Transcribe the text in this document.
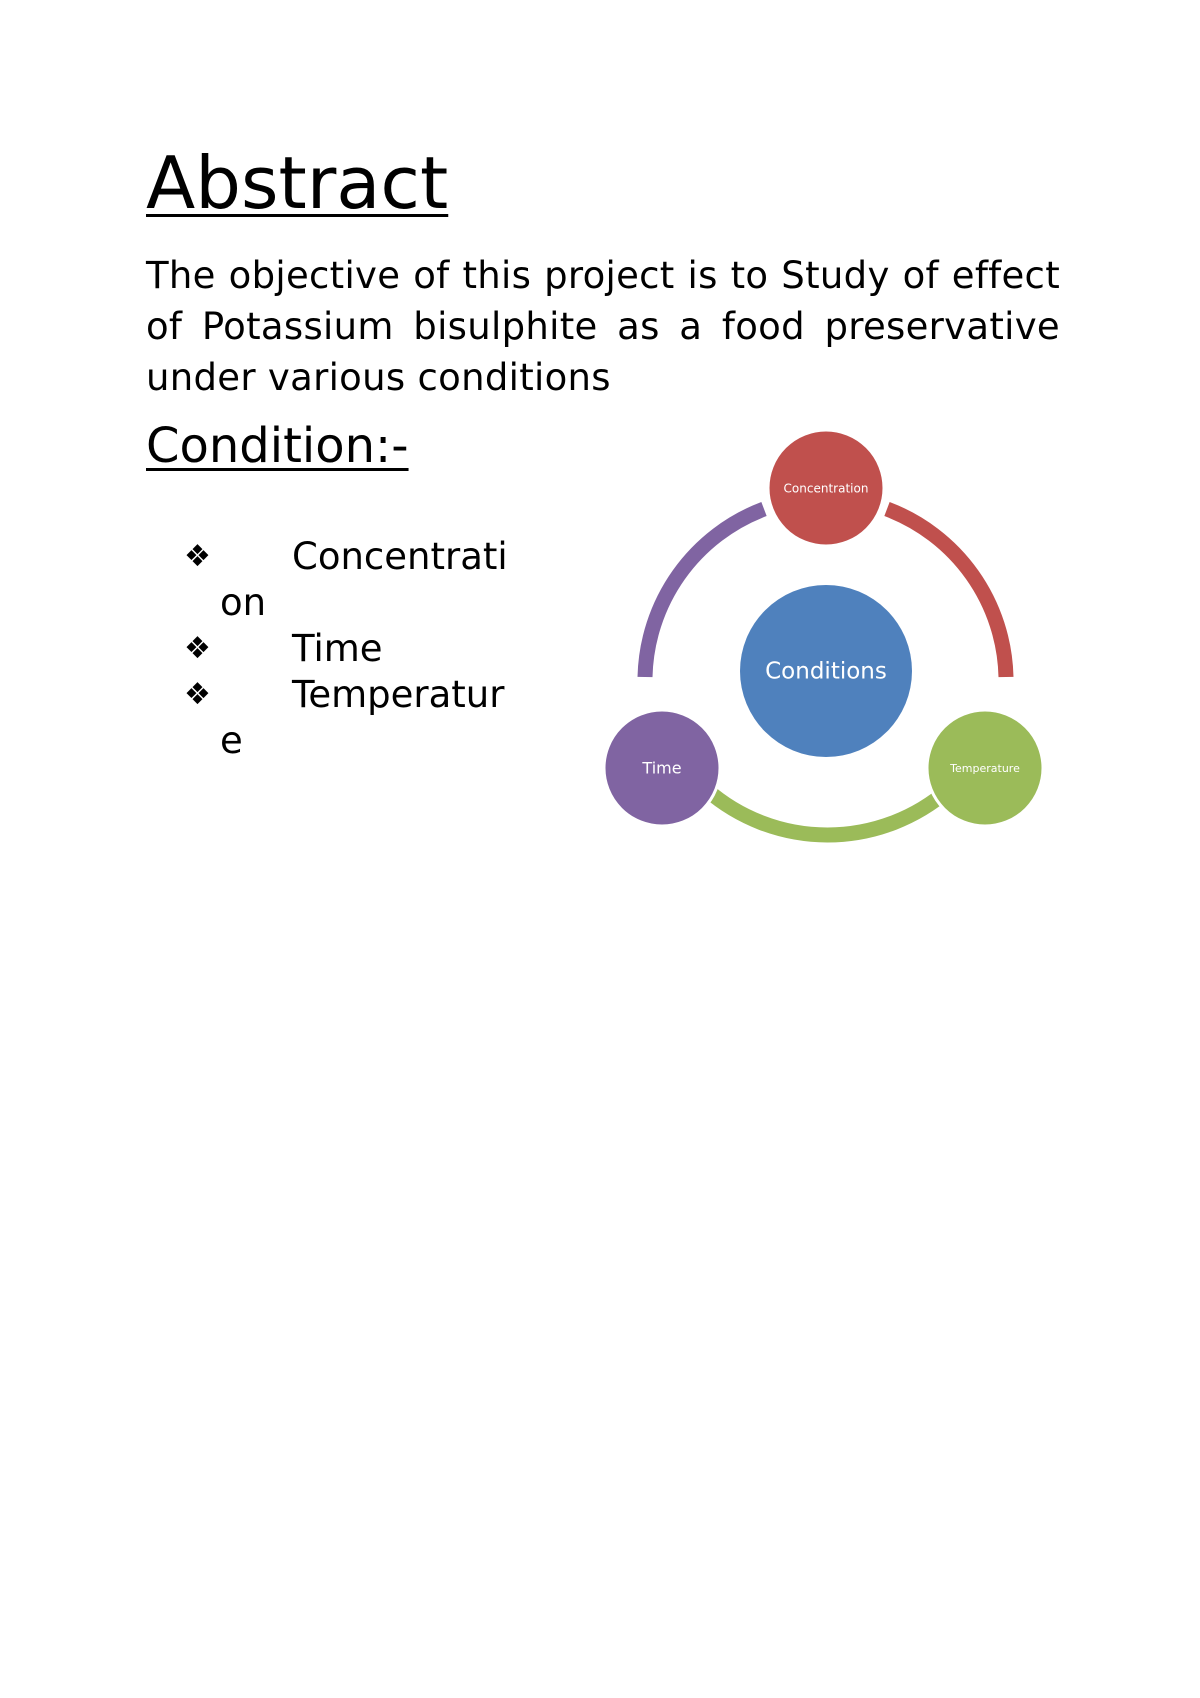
Abstract

The objective of this project is to Study of effect of Potassium bisulphite as a food preservative under various conditions

Condition:-
❖ Concentration
❖ Time
❖ Temperature
Conditions
Concentration
Temperature
Time
